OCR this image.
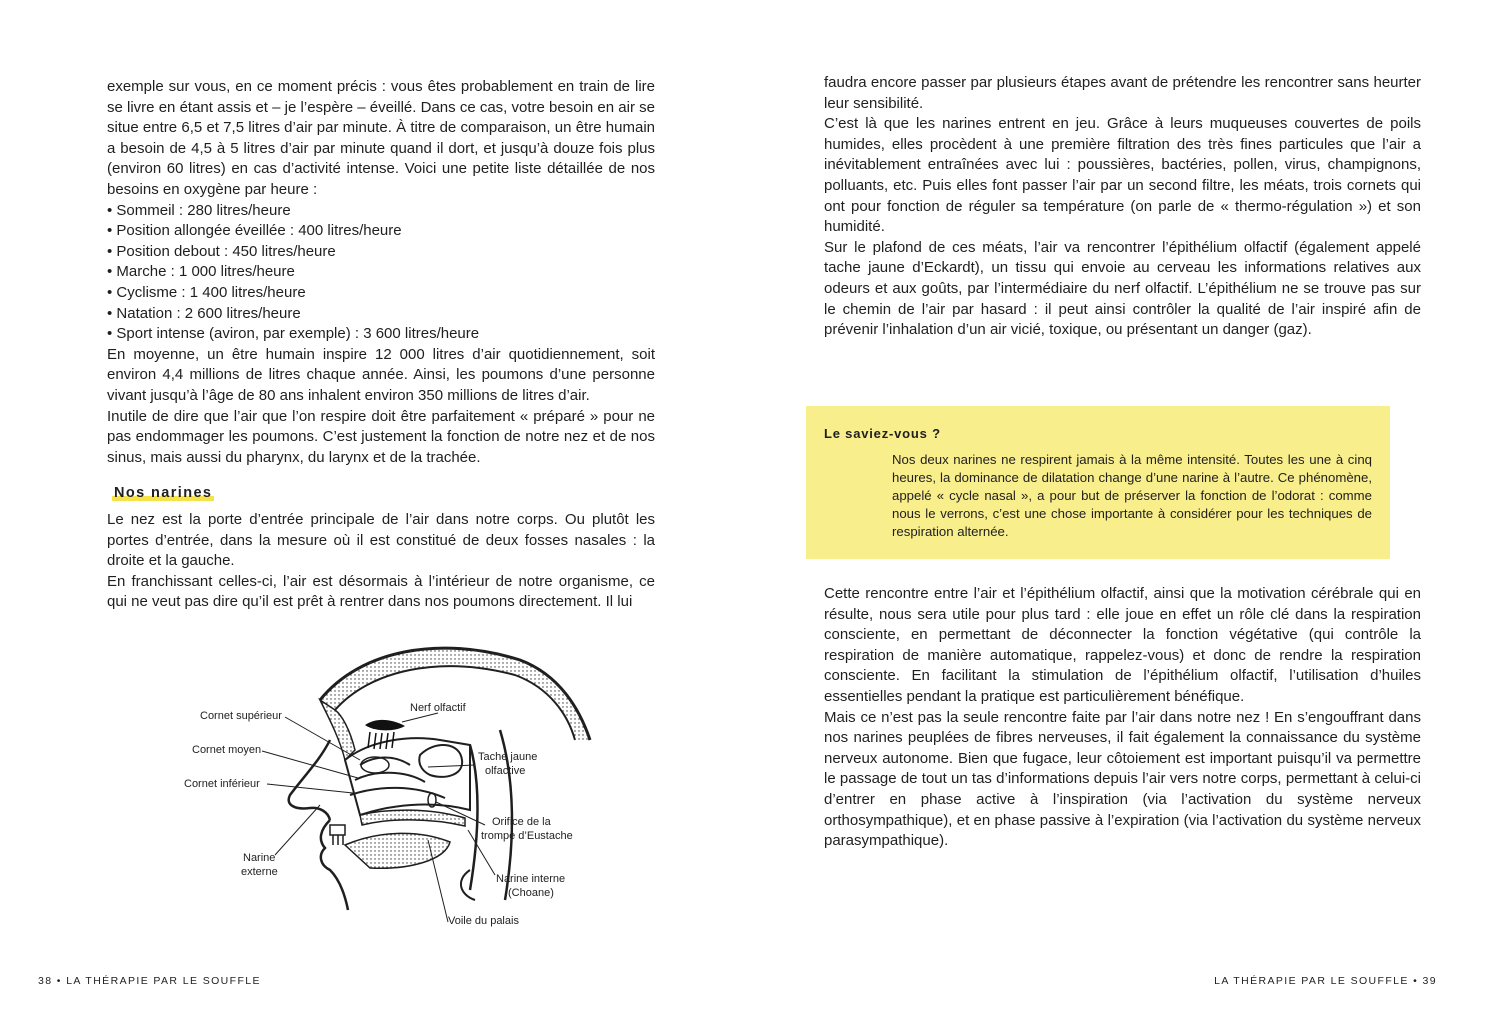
exemple sur vous, en ce moment précis : vous êtes probablement en train de lire se livre en étant assis et – je l’espère – éveillé. Dans ce cas, votre besoin en air se situe entre 6,5 et 7,5 litres d’air par minute. À titre de comparaison, un être humain a besoin de 4,5 à 5 litres d’air par minute quand il dort, et jusqu’à douze fois plus (environ 60 litres) en cas d’activité intense. Voici une petite liste détaillée de nos besoins en oxygène par heure :

• Sommeil : 280 litres/heure
• Position allongée éveillée : 400 litres/heure
• Position debout : 450 litres/heure
• Marche : 1 000 litres/heure
• Cyclisme : 1 400 litres/heure
• Natation : 2 600 litres/heure
• Sport intense (aviron, par exemple) : 3 600 litres/heure

En moyenne, un être humain inspire 12 000 litres d’air quotidiennement, soit environ 4,4 millions de litres chaque année. Ainsi, les poumons d’une personne vivant jusqu’à l’âge de 80 ans inhalent environ 350 millions de litres d’air.

Inutile de dire que l’air que l’on respire doit être parfaitement « préparé » pour ne pas endommager les poumons. C’est justement la fonction de notre nez et de nos sinus, mais aussi du pharynx, du larynx et de la trachée.

Nos narines

Le nez est la porte d’entrée principale de l’air dans notre corps. Ou plutôt les portes d’entrée, dans la mesure où il est constitué de deux fosses nasales : la droite et la gauche.

En franchissant celles-ci, l’air est désormais à l’intérieur de notre organisme, ce qui ne veut pas dire qu’il est prêt à rentrer dans nos poumons directement. Il lui

Cornet supérieur
Cornet moyen
Cornet inférieur
Narine
externe
Nerf olfactif
Tache jaune
olfactive
Orifice de la
trompe d’Eustache
Narine interne
(Choane)
Voile du palais
38 • LA THÉRAPIE PAR LE SOUFFLE

faudra encore passer par plusieurs étapes avant de prétendre les rencontrer sans heurter leur sensibilité.

C’est là que les narines entrent en jeu. Grâce à leurs muqueuses couvertes de poils humides, elles procèdent à une première filtration des très fines particules que l’air a inévitablement entraînées avec lui : poussières, bactéries, pollen, virus, champignons, polluants, etc. Puis elles font passer l’air par un second filtre, les méats, trois cornets qui ont pour fonction de réguler sa température (on parle de « thermo-régulation ») et son humidité.

Sur le plafond de ces méats, l’air va rencontrer l’épithélium olfactif (également appelé tache jaune d’Eckardt), un tissu qui envoie au cerveau les informations relatives aux odeurs et aux goûts, par l’intermédiaire du nerf olfactif. L’épithélium ne se trouve pas sur le chemin de l’air par hasard : il peut ainsi contrôler la qualité de l’air inspiré afin de prévenir l’inhalation d’un air vicié, toxique, ou présentant un danger (gaz).

Le saviez-vous ?
Nos deux narines ne respirent jamais à la même intensité. Toutes les une à cinq heures, la dominance de dilatation change d’une narine à l’autre. Ce phénomène, appelé « cycle nasal », a pour but de préserver la fonction de l’odorat : comme nous le verrons, c’est une chose importante à considérer pour les techniques de respiration alternée.

Cette rencontre entre l’air et l’épithélium olfactif, ainsi que la motivation cérébrale qui en résulte, nous sera utile pour plus tard : elle joue en effet un rôle clé dans la respiration consciente, en permettant de déconnecter la fonction végétative (qui contrôle la respiration de manière automatique, rappelez-vous) et donc de rendre la respiration consciente. En facilitant la stimulation de l’épithélium olfactif, l’utilisation d’huiles essentielles pendant la pratique est particulièrement bénéfique.

Mais ce n’est pas la seule rencontre faite par l’air dans notre nez ! En s’engouffrant dans nos narines peuplées de fibres nerveuses, il fait également la connaissance du système nerveux autonome. Bien que fugace, leur côtoiement est important puisqu’il va permettre le passage de tout un tas d’informations depuis l’air vers notre corps, permettant à celui-ci d’entrer en phase active à l’inspiration (via l’activation du système nerveux orthosympathique), et en phase passive à l’expiration (via l’activation du système nerveux parasympathique).

LA THÉRAPIE PAR LE SOUFFLE • 39
